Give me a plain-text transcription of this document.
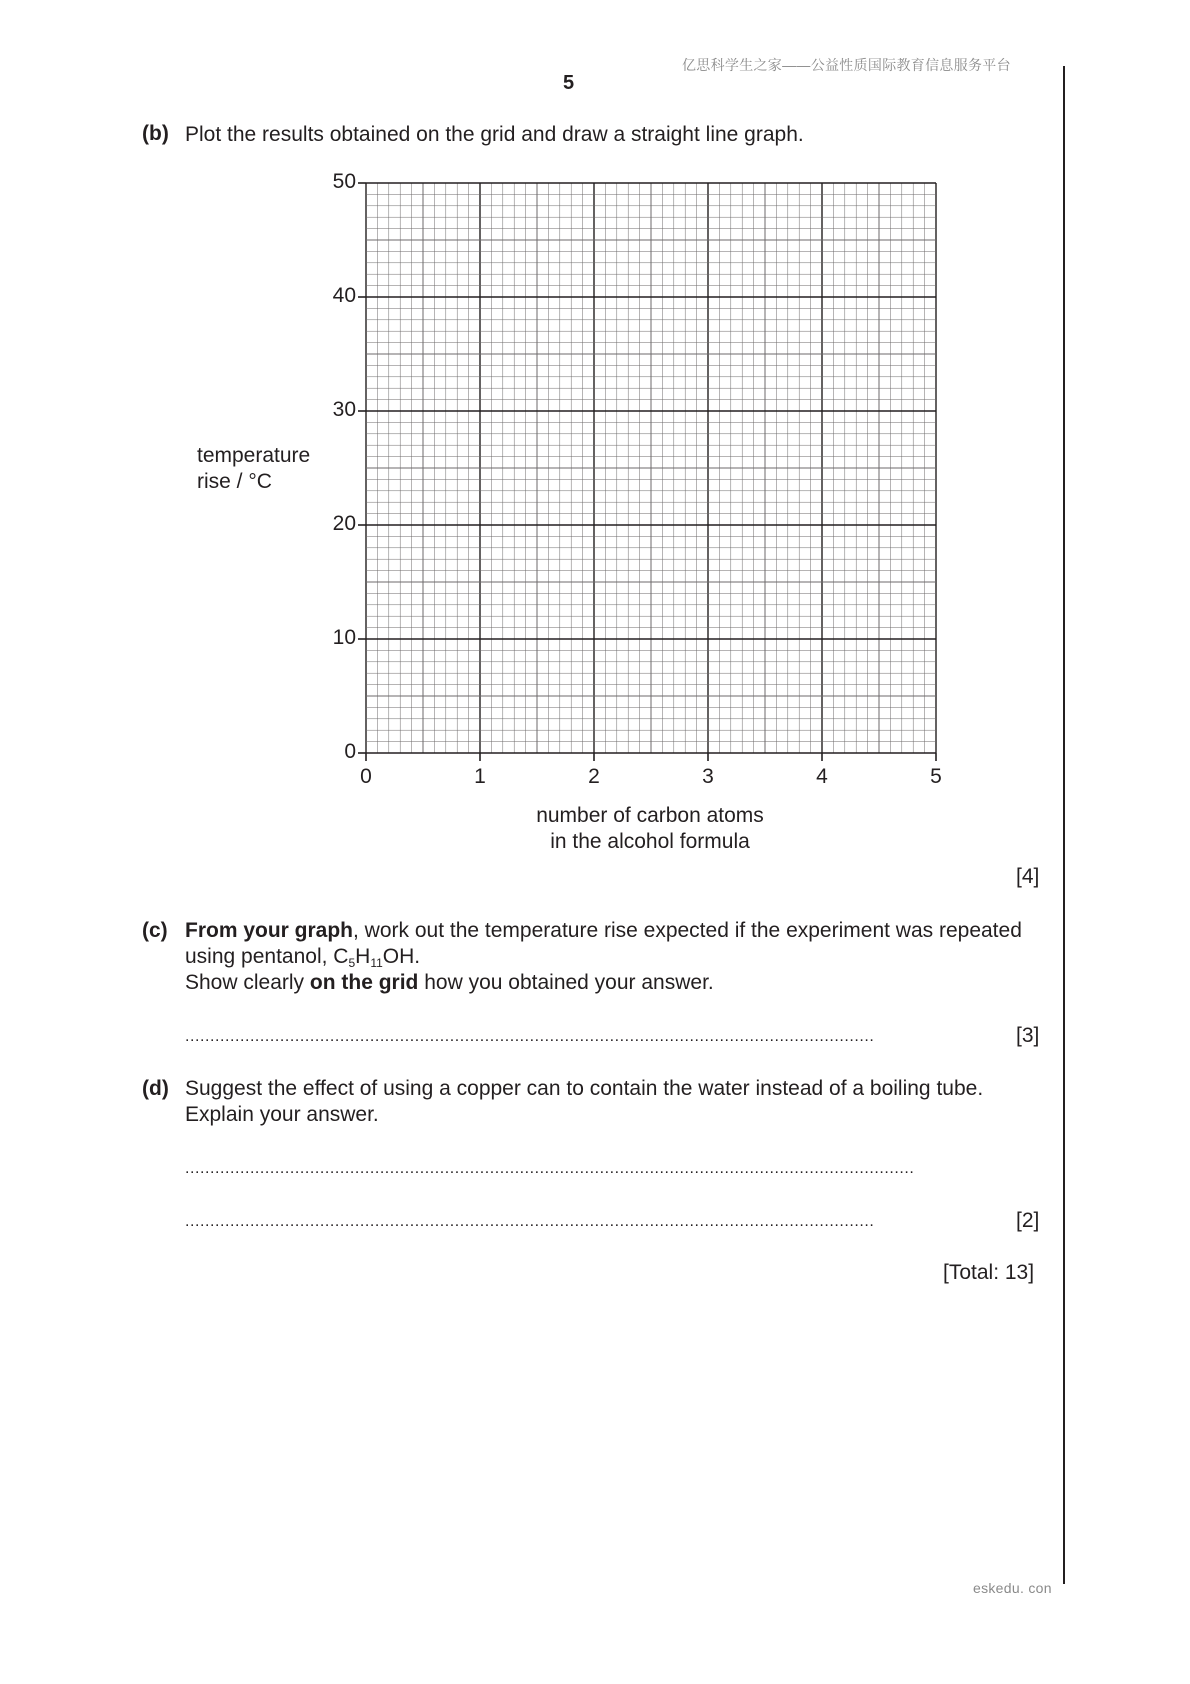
亿思科学生之家——公益性质国际教育信息服务平台
5
(b) Plot the results obtained on the grid and draw a straight line graph.
temperature
rise / °C
0
10
20
30
40
50
0	1	2	3	4	5
number of carbon atoms
in the alcohol formula
[4]
(c) From your graph, work out the temperature rise expected if the experiment was repeated
using pentanol, $C_5H_{11}OH$.
Show clearly on the grid how you obtained your answer.
..........................................................................................................................................	[3]
(d) Suggest the effect of using a copper can to contain the water instead of a boiling tube.
Explain your answer.
..................................................................................................................................................
..........................................................................................................................................	[2]
[Total: 13]
eskedu. con
